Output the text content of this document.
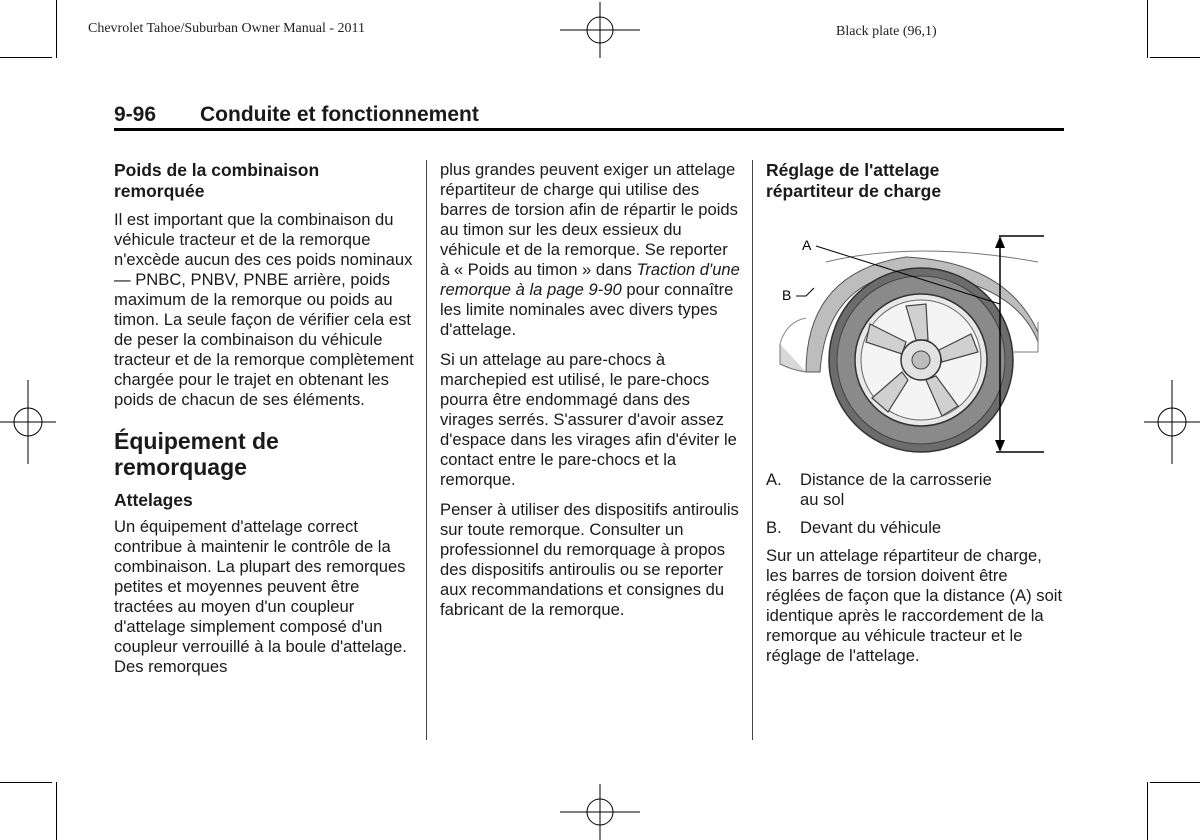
Chevrolet Tahoe/Suburban Owner Manual - 2011	Black plate (96,1)
9-96 Conduite et fonctionnement
Poids de la combinaison remorquée

Il est important que la combinaison du véhicule tracteur et de la remorque n'excède aucun des ces poids nominaux — PNBC, PNBV, PNBE arrière, poids maximum de la remorque ou poids au timon. La seule façon de vérifier cela est de peser la combinaison du véhicule tracteur et de la remorque complètement chargée pour le trajet en obtenant les poids de chacun de ses éléments.

Équipement de remorquage
Attelages

Un équipement d'attelage correct contribue à maintenir le contrôle de la combinaison. La plupart des remorques petites et moyennes peuvent être tractées au moyen d'un coupleur d'attelage simplement composé d'un coupleur verrouillé à la boule d'attelage. Des remorques

plus grandes peuvent exiger un attelage répartiteur de charge qui utilise des barres de torsion afin de répartir le poids au timon sur les deux essieux du véhicule et de la remorque. Se reporter à « Poids au timon » dans Traction d'une remorque à la page 9-90 pour connaître les limite nominales avec divers types d'attelage.

Si un attelage au pare-chocs à marchepied est utilisé, le pare-chocs pourra être endommagé dans des virages serrés. S'assurer d'avoir assez d'espace dans les virages afin d'éviter le contact entre le pare-chocs et la remorque.

Penser à utiliser des dispositifs antiroulis sur toute remorque. Consulter un professionnel du remorquage à propos des dispositifs antiroulis ou se reporter aux recommandations et consignes du fabricant de la remorque.

Réglage de l'attelage répartiteur de charge
A
B
A.	Distance de la carrosserie au sol
B.	Devant du véhicule

Sur un attelage répartiteur de charge, les barres de torsion doivent être réglées de façon que la distance (A) soit identique après le raccordement de la remorque au véhicule tracteur et le réglage de l'attelage.
